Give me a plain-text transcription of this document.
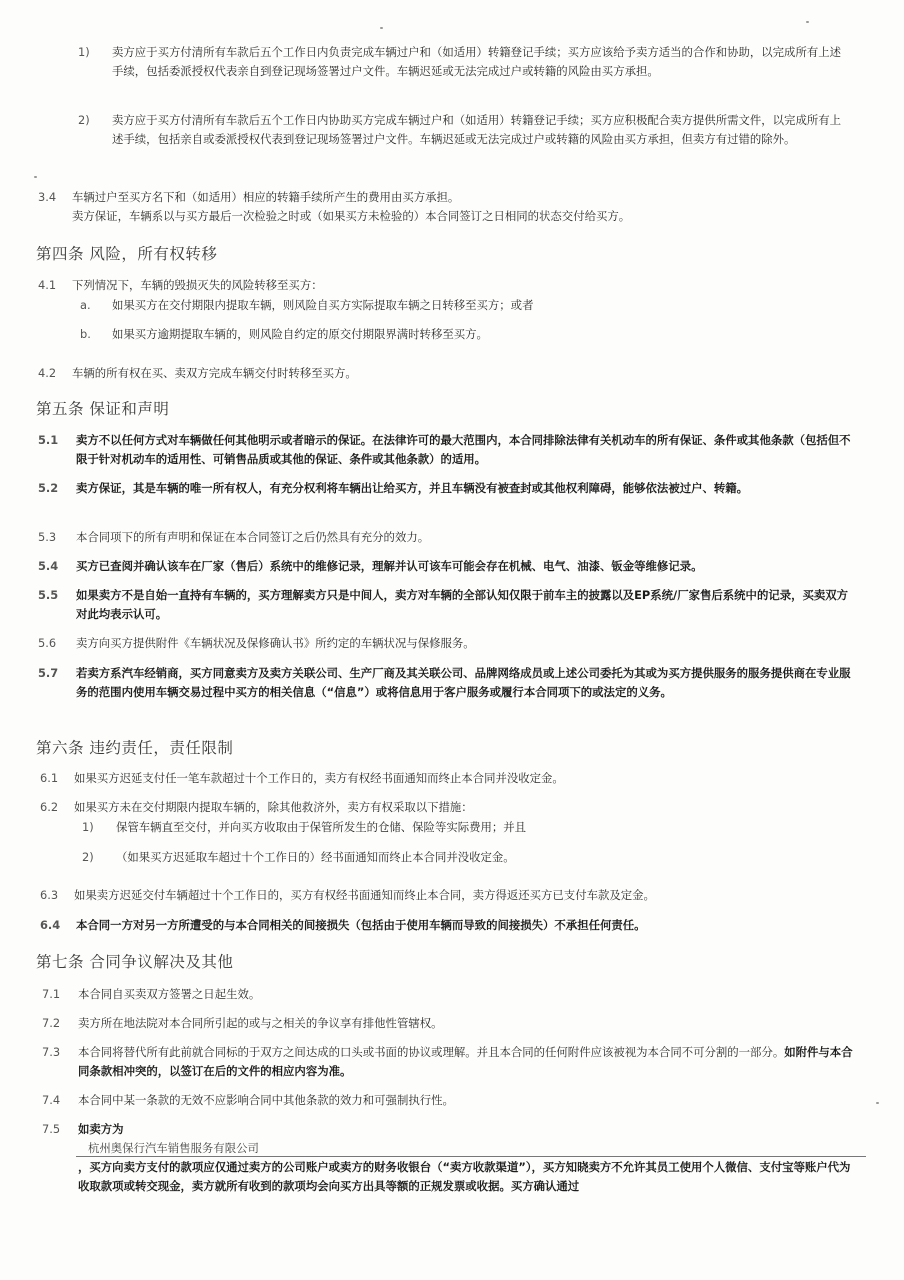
1) 卖方应于买方付清所有车款后五个工作日内负责完成车辆过户和（如适用）转籍登记手续；买方应该给予卖方适当的合作和协助，以完成所有上述手续，包括委派授权代表亲自到登记现场签署过户文件。车辆迟延或无法完成过户或转籍的风险由买方承担。
2) 卖方应于买方付清所有车款后五个工作日内协助买方完成车辆过户和（如适用）转籍登记手续；买方应积极配合卖方提供所需文件，以完成所有上述手续，包括亲自或委派授权代表到登记现场签署过户文件。车辆迟延或无法完成过户或转籍的风险由买方承担，但卖方有过错的除外。
3.4 车辆过户至买方名下和（如适用）相应的转籍手续所产生的费用由买方承担。
卖方保证，车辆系以与买方最后一次检验之时或（如果买方未检验的）本合同签订之日相同的状态交付给买方。
第四条 风险，所有权转移
4.1 下列情况下，车辆的毁损灭失的风险转移至买方：
a. 如果买方在交付期限内提取车辆，则风险自买方实际提取车辆之日转移至买方；或者
b. 如果买方逾期提取车辆的，则风险自约定的原交付期限界满时转移至买方。
4.2 车辆的所有权在买、卖双方完成车辆交付时转移至买方。
第五条 保证和声明
5.1 卖方不以任何方式对车辆做任何其他明示或者暗示的保证。在法律许可的最大范围内，本合同排除法律有关机动车的所有保证、条件或其他条款（包括但不限于针对机动车的适用性、可销售品质或其他的保证、条件或其他条款）的适用。
5.2 卖方保证，其是车辆的唯一所有权人，有充分权利将车辆出让给买方，并且车辆没有被查封或其他权利障碍，能够依法被过户、转籍。
5.3 本合同项下的所有声明和保证在本合同签订之后仍然具有充分的效力。
5.4 买方已查阅并确认该车在厂家（售后）系统中的维修记录，理解并认可该车可能会存在机械、电气、油漆、钣金等维修记录。
5.5 如果卖方不是自始一直持有车辆的，买方理解卖方只是中间人，卖方对车辆的全部认知仅限于前车主的披露以及EP系统/厂家售后系统中的记录，买卖双方对此均表示认可。
5.6 卖方向买方提供附件《车辆状况及保修确认书》所约定的车辆状况与保修服务。
5.7 若卖方系汽车经销商，买方同意卖方及卖方关联公司、生产厂商及其关联公司、品牌网络成员或上述公司委托为其或为买方提供服务的服务提供商在专业服务的范围内使用车辆交易过程中买方的相关信息（“信息”）或将信息用于客户服务或履行本合同项下的或法定的义务。
第六条 违约责任，责任限制
6.1 如果买方迟延支付任一笔车款超过十个工作日的，卖方有权经书面通知而终止本合同并没收定金。
6.2 如果买方未在交付期限内提取车辆的，除其他救济外，卖方有权采取以下措施：
1) 保管车辆直至交付，并向买方收取由于保管所发生的仓储、保险等实际费用；并且
2) （如果买方迟延取车超过十个工作日的）经书面通知而终止本合同并没收定金。
6.3 如果卖方迟延交付车辆超过十个工作日的，买方有权经书面通知而终止本合同，卖方得返还买方已支付车款及定金。
6.4 本合同一方对另一方所遭受的与本合同相关的间接损失（包括由于使用车辆而导致的间接损失）不承担任何责任。
第七条 合同争议解决及其他
7.1 本合同自买卖双方签署之日起生效。
7.2 卖方所在地法院对本合同所引起的或与之相关的争议享有排他性管辖权。
7.3 本合同将替代所有此前就合同标的于双方之间达成的口头或书面的协议或理解。并且本合同的任何附件应该被视为本合同不可分割的一部分。如附件与本合同条款相冲突的，以签订在后的文件的相应内容为准。
7.4 本合同中某一条款的无效不应影响合同中其他条款的效力和可强制执行性。
7.5 如卖方为
杭州奥保行汽车销售服务有限公司
，买方向卖方支付的款项应仅通过卖方的公司账户或卖方的财务收银台（“卖方收款渠道”），买方知晓卖方不允许其员工使用个人微信、支付宝等账户代为收取款项或转交现金，卖方就所有收到的款项均会向买方出具等额的正规发票或收据。买方确认通过
